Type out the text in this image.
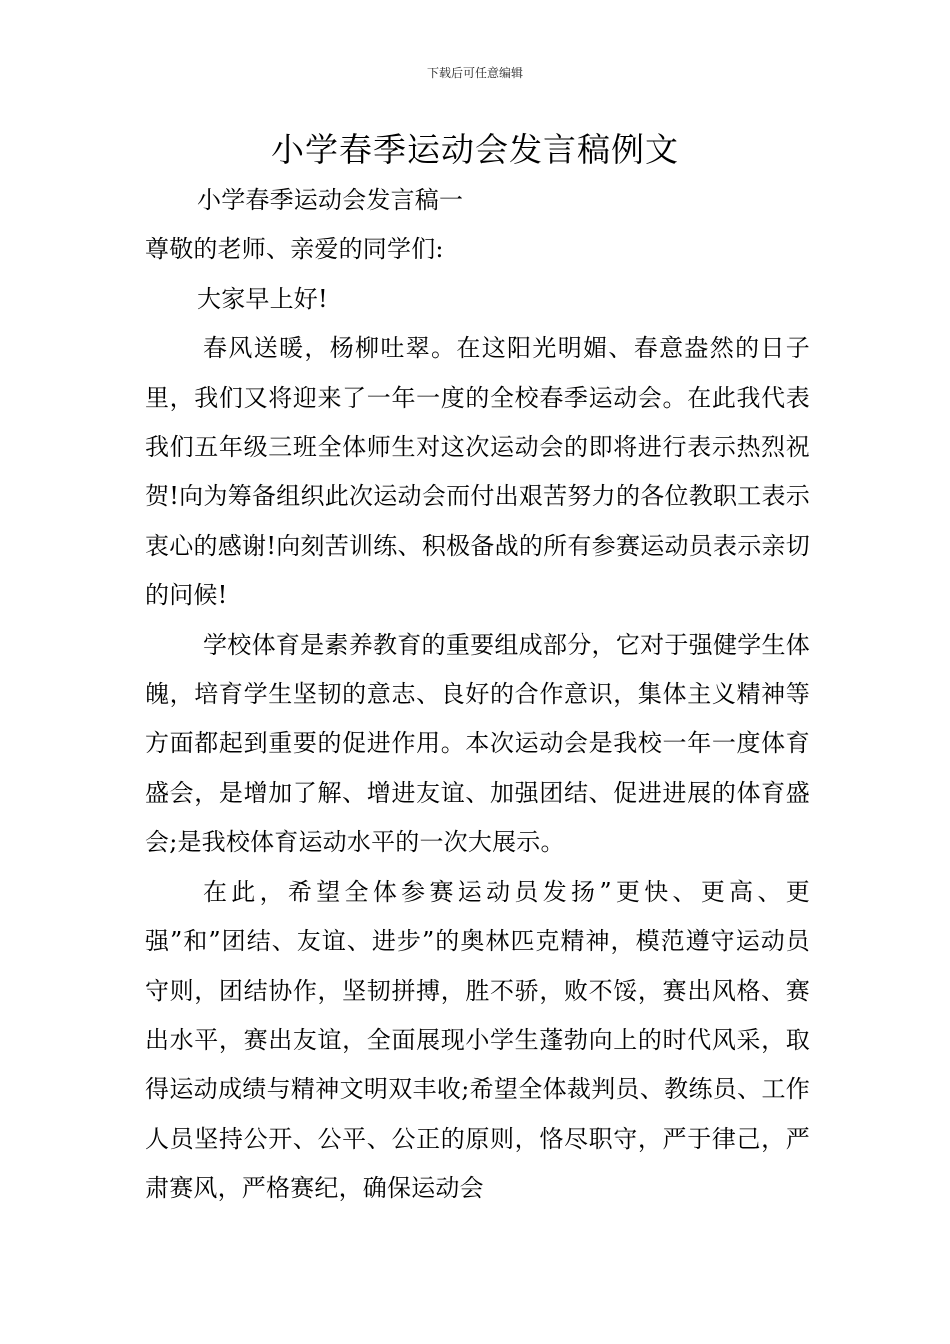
下载后可任意编辑
小学春季运动会发言稿例文

小学春季运动会发言稿一

尊敬的老师、亲爱的同学们:

大家早上好!

春风送暖，杨柳吐翠。在这阳光明媚、春意盎然的日子里，我们又将迎来了一年一度的全校春季运动会。在此我代表我们五年级三班全体师生对这次运动会的即将进行表示热烈祝贺!向为筹备组织此次运动会而付出艰苦努力的各位教职工表示衷心的感谢!向刻苦训练、积极备战的所有参赛运动员表示亲切的问候!

学校体育是素养教育的重要组成部分，它对于强健学生体魄，培育学生坚韧的意志、良好的合作意识，集体主义精神等方面都起到重要的促进作用。本次运动会是我校一年一度体育盛会，是增加了解、增进友谊、加强团结、促进进展的体育盛会;是我校体育运动水平的一次大展示。

在此，希望全体参赛运动员发扬”更快、更高、更强”和”团结、友谊、进步”的奥林匹克精神，模范遵守运动员守则，团结协作，坚韧拼搏，胜不骄，败不馁，赛出风格、赛出水平，赛出友谊，全面展现小学生蓬勃向上的时代风采，取得运动成绩与精神文明双丰收;希望全体裁判员、教练员、工作人员坚持公开、公平、公正的原则，恪尽职守，严于律己，严肃赛风，严格赛纪，确保运动会
